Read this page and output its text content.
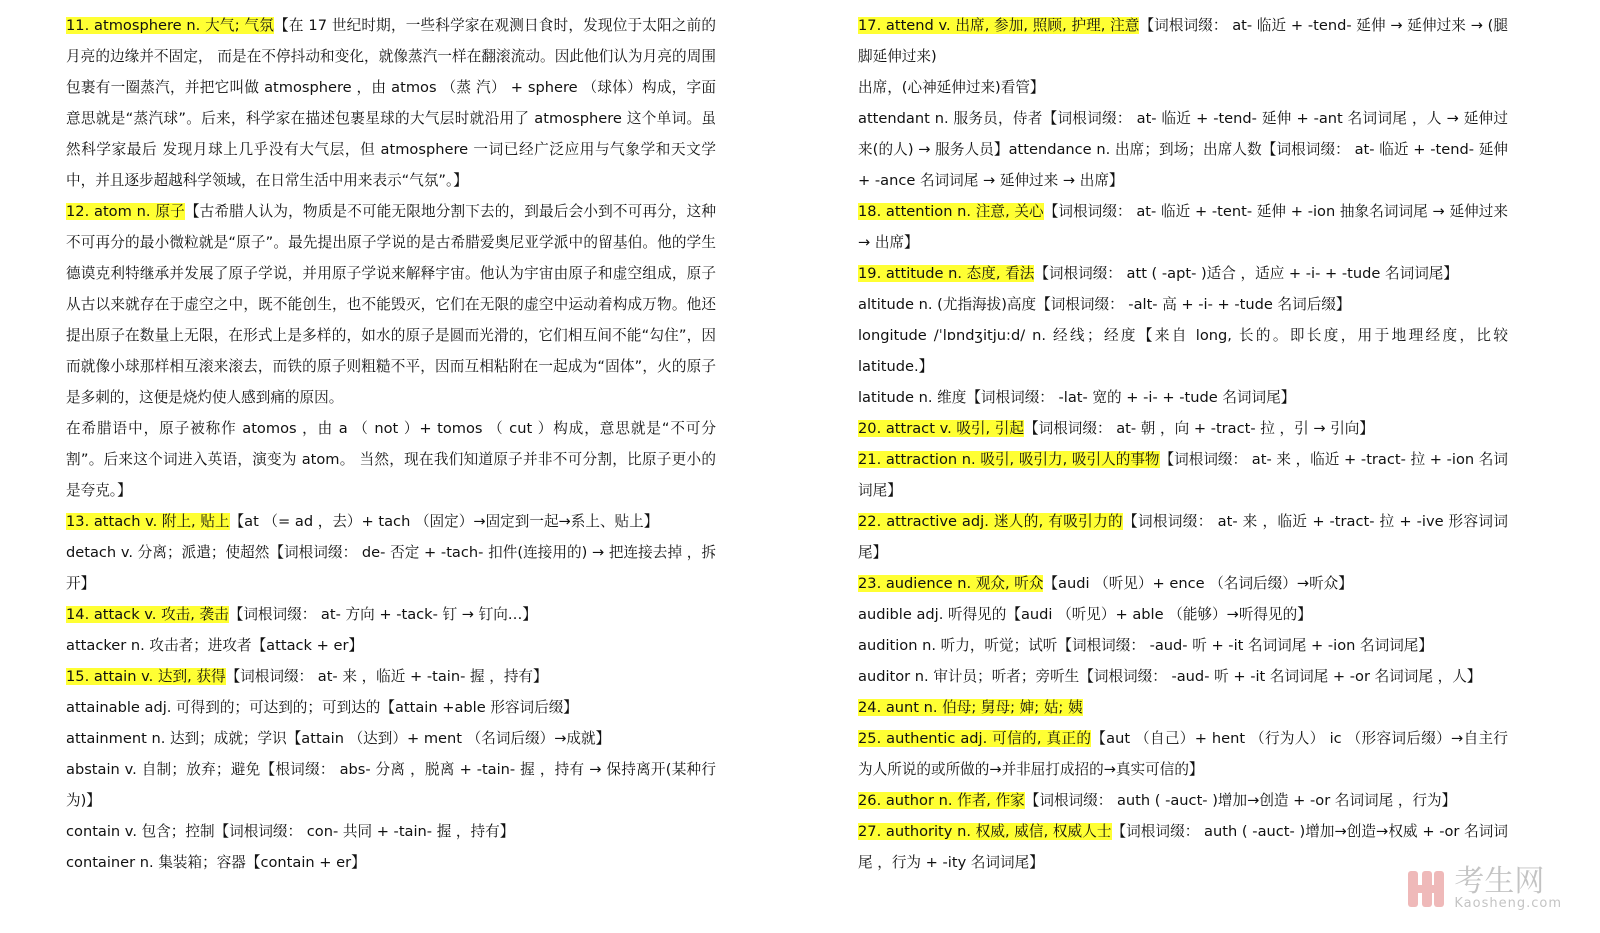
11. atmosphere n. 大气; 气氛【在 17 世纪时期，一些科学家在观测日食时，发现位于太阳之前的月亮的边缘并不固定， 而是在不停抖动和变化，就像蒸汽一样在翻滚流动。因此他们认为月亮的周围包裹有一圈蒸汽，并把它叫做 atmosphere ，由 atmos （蒸 汽） + sphere （球体）构成，字面意思就是“蒸汽球”。后来，科学家在描述包裹星球的大气层时就沿用了 atmosphere 这个单词。虽然科学家最后 发现月球上几乎没有大气层，但 atmosphere 一词已经广泛应用与气象学和天文学中，并且逐步超越科学领域，在日常生活中用来表示“气氛”。】

12. atom n. 原子【古希腊人认为，物质是不可能无限地分割下去的，到最后会小到不可再分，这种不可再分的最小微粒就是“原子”。最先提出原子学说的是古希腊爱奥尼亚学派中的留基伯。他的学生德谟克利特继承并发展了原子学说，并用原子学说来解释宇宙。他认为宇宙由原子和虚空组成，原子从古以来就存在于虚空之中，既不能创生，也不能毁灭，它们在无限的虚空中运动着构成万物。他还提出原子在数量上无限，在形式上是多样的，如水的原子是圆而光滑的，它们相互间不能“勾住”，因而就像小球那样相互滚来滚去，而铁的原子则粗糙不平，因而互相粘附在一起成为“固体”，火的原子是多刺的，这便是烧灼使人感到痛的原因。

在希腊语中，原子被称作 atomos ，由 a （ not ）+ tomos （ cut ）构成，意思就是“不可分割”。后来这个词进入英语，演变为 atom。 当然，现在我们知道原子并非不可分割，比原子更小的是夸克。】

13. attach v. 附上, 贴上【at （= ad ，去）+ tach （固定）→固定到一起→系上、贴上】

detach v. 分离；派遣；使超然【词根词缀： de- 否定 + -tach- 扣件(连接用的) → 把连接去掉 ，拆开】

14. attack v. 攻击, 袭击【词根词缀： at- 方向 + -tack- 钉 → 钉向…】

attacker n. 攻击者；进攻者【attack + er】

15. attain v. 达到, 获得【词根词缀： at- 来 ，临近 + -tain- 握 ，持有】

attainable adj. 可得到的；可达到的；可到达的【attain +able 形容词后缀】

attainment n. 达到；成就；学识【attain （达到）+ ment （名词后缀）→成就】

abstain v. 自制；放弃；避免【根词缀： abs- 分离 ，脱离 + -tain- 握 ，持有 → 保持离开(某种行为)】

contain v. 包含；控制【词根词缀： con- 共同 + -tain- 握 ，持有】

container n. 集装箱；容器【contain + er】

17. attend v. 出席, 参加, 照顾, 护理, 注意【词根词缀： at- 临近 + -tend- 延伸 → 延伸过来 → (腿脚延伸过来)

出席，(心神延伸过来)看管】

attendant n. 服务员，侍者【词根词缀： at- 临近 + -tend- 延伸 + -ant 名词词尾 ，人 → 延伸过来(的人) → 服务人员】attendance n. 出席；到场；出席人数【词根词缀： at- 临近 + -tend- 延伸 + -ance 名词词尾 → 延伸过来 → 出席】

18. attention n. 注意, 关心【词根词缀： at- 临近 + -tent- 延伸 + -ion 抽象名词词尾 → 延伸过来 → 出席】

19. attitude n. 态度, 看法【词根词缀： att ( -apt- )适合 ，适应 + -i- + -tude 名词词尾】

altitude n. (尤指海拔)高度【词根词缀： -alt- 高 + -i- + -tude 名词后缀】

longitude /ˈlɒndʒitju:d/ n. 经线；经度【来自 long, 长的。即长度，用于地理经度，比较 latitude.】

latitude n. 维度【词根词缀： -lat- 宽的 + -i- + -tude 名词词尾】

20. attract v. 吸引, 引起【词根词缀： at- 朝 ，向 + -tract- 拉 ，引 → 引向】

21. attraction n. 吸引, 吸引力, 吸引人的事物【词根词缀： at- 来 ，临近 + -tract- 拉 + -ion 名词词尾】

22. attractive adj. 迷人的, 有吸引力的【词根词缀： at- 来 ，临近 + -tract- 拉 + -ive 形容词词尾】

23. audience n. 观众, 听众【audi （听见）+ ence （名词后缀）→听众】

audible adj. 听得见的【audi （听见）+ able （能够）→听得见的】

audition n. 听力，听觉；试听【词根词缀： -aud- 听 + -it 名词词尾 + -ion 名词词尾】

auditor n. 审计员；听者；旁听生【词根词缀： -aud- 听 + -it 名词词尾 + -or 名词词尾 ，人】

24. aunt n. 伯母; 舅母; 婶; 姑; 姨

25. authentic adj. 可信的, 真正的【aut （自己）+ hent （行为人） ic （形容词后缀）→自主行为人所说的或所做的→并非屈打成招的→真实可信的】

26. author n. 作者, 作家【词根词缀： auth ( -auct- )增加→创造 + -or 名词词尾 ，行为】

27. authority n. 权威, 威信, 权威人士【词根词缀： auth ( -auct- )增加→创造→权威 + -or 名词词尾 ，行为 + -ity 名词词尾】

考生网
Kaosheng.com
